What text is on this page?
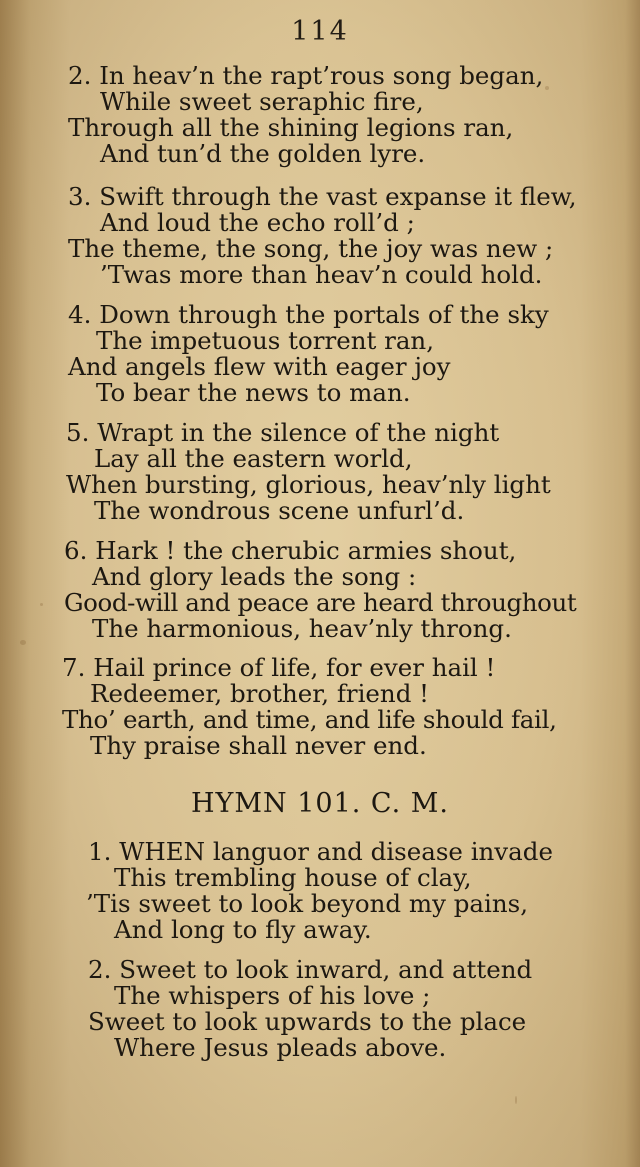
114
2. In heav’n the rapt’rous song began,
While sweet seraphic fire,
Through all the shining legions ran,
And tun’d the golden lyre.
3. Swift through the vast expanse it flew,
And loud the echo roll’d ;
The theme, the song, the joy was new ;
’Twas more than heav’n could hold.
4. Down through the portals of the sky
The impetuous torrent ran,
And angels flew with eager joy
To bear the news to man.
5. Wrapt in the silence of the night
Lay all the eastern world,
When bursting, glorious, heav’nly light
The wondrous scene unfurl’d.
6. Hark ! the cherubic armies shout,
And glory leads the song :
Good-will and peace are heard throughout
The harmonious, heav’nly throng.
7. Hail prince of life, for ever hail !
Redeemer, brother, friend !
Tho’ earth, and time, and life should fail,
Thy praise shall never end.
HYMN 101. C. M.
1. WHEN languor and disease invade
This trembling house of clay,
’Tis sweet to look beyond my pains,
And long to fly away.
2. Sweet to look inward, and attend
The whispers of his love ;
Sweet to look upwards to the place
Where Jesus pleads above.
